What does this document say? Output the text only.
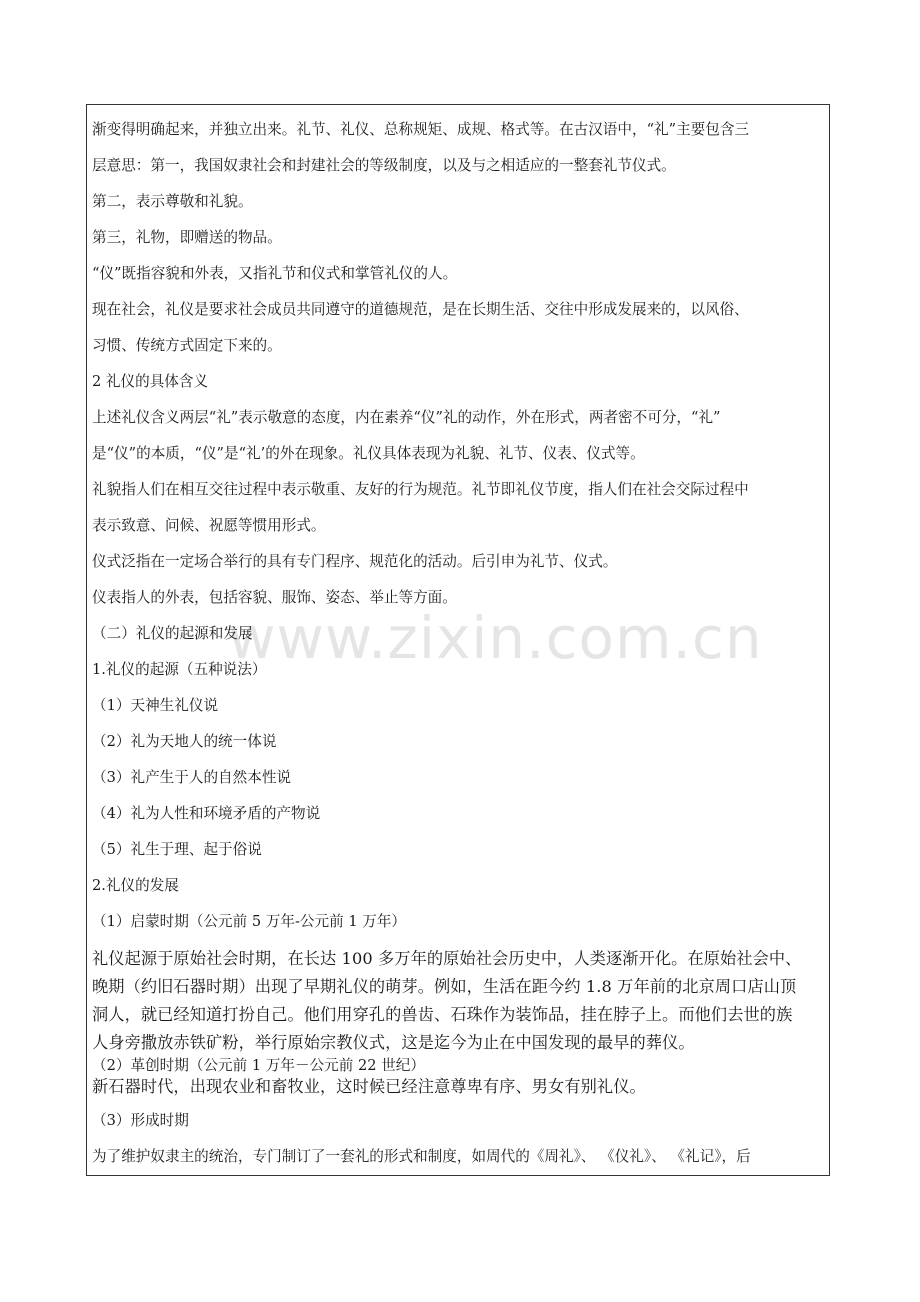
www.zixin.com.cn
渐变得明确起来，并独立出来。礼节、礼仪、总称规矩、成规、格式等。在古汉语中，“礼”主要包含三
层意思：第一，我国奴隶社会和封建社会的等级制度，以及与之相适应的一整套礼节仪式。
第二，表示尊敬和礼貌。
第三，礼物，即赠送的物品。
“仪”既指容貌和外表，又指礼节和仪式和掌管礼仪的人。
现在社会，礼仪是要求社会成员共同遵守的道德规范，是在长期生活、交往中形成发展来的，以风俗、
习惯、传统方式固定下来的。
2 礼仪的具体含义
上述礼仪含义两层“礼”表示敬意的态度，内在素养“仪”礼的动作，外在形式，两者密不可分，“礼”
是“仪”的本质，“仪”是“礼’的外在现象。礼仪具体表现为礼貌、礼节、仪表、仪式等。
礼貌指人们在相互交往过程中表示敬重、友好的行为规范。礼节即礼仪节度，指人们在社会交际过程中
表示致意、问候、祝愿等惯用形式。
仪式泛指在一定场合举行的具有专门程序、规范化的活动。后引申为礼节、仪式。
仪表指人的外表，包括容貌、服饰、姿态、举止等方面。
（二）礼仪的起源和发展
1.礼仪的起源（五种说法）
（1）天神生礼仪说
（2）礼为天地人的统一体说
（3）礼产生于人的自然本性说
（4）礼为人性和环境矛盾的产物说
（5）礼生于理、起于俗说
2.礼仪的发展
（1）启蒙时期（公元前 5 万年-公元前 1 万年）
礼仪起源于原始社会时期，在长达 100 多万年的原始社会历史中，人类逐渐开化。在原始社会中、
晚期（约旧石器时期）出现了早期礼仪的萌芽。例如，生活在距今约 1.8 万年前的北京周口店山顶
洞人，就已经知道打扮自己。他们用穿孔的兽齿、石珠作为装饰品，挂在脖子上。而他们去世的族
人身旁撒放赤铁矿粉，举行原始宗教仪式，这是迄今为止在中国发现的最早的葬仪。
（2）革创时期（公元前 1 万年－公元前 22 世纪）
新石器时代，出现农业和畜牧业，这时候已经注意尊卑有序、男女有别礼仪。
（3）形成时期
为了维护奴隶主的统治，专门制订了一套礼的形式和制度，如周代的《周礼》、 《仪礼》、 《礼记》，后
